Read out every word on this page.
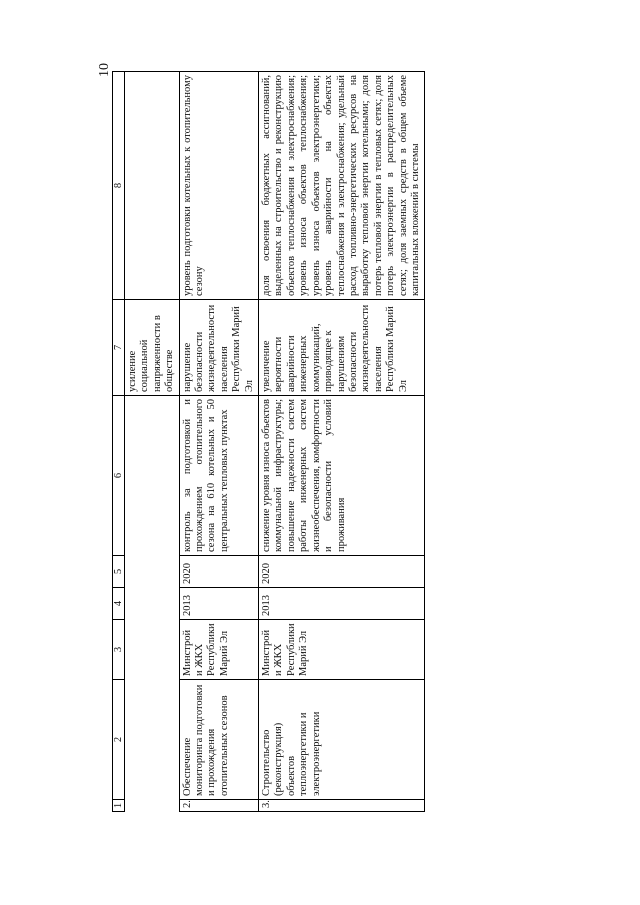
10
1	2	3	4	5	6	7	8
						усиление социальной напряженности в обществе	
2.	Обеспечение мониторинга подготовки и прохождения отопительных сезонов	Минстрой и ЖКХ Республики Марий Эл	2013	2020	контроль за подготовкой и прохождением отопительного сезона на 610 котельных и 50 центральных тепловых пунктах	нарушение безопасности жизнедеятельности населения Республики Марий Эл	уровень подготовки котельных к отопительному сезону
3.	Строительство (реконструкция) объектов теплоэнергетики и электроэнергетики	Минстрой и ЖКХ Республики Марий Эл	2013	2020	снижение уровня износа объектов коммунальной инфраструктуры; повышение надежности систем работы инженерных систем жизнеобеспечения, комфортности и безопасности условий проживания	увеличение вероятности аварийности инженерных коммуникаций, приводящее к нарушениям безопасности жизнедеятельности населения Республики Марий Эл	доля освоения бюджетных ассигнований, выделенных на строительство и реконструкцию объектов теплоснабжения и электроснабжения; уровень износа объектов теплоснабжения; уровень износа объектов электроэнергетики; уровень аварийности на объектах теплоснабжения и электроснабжения; удельный расход топливно-энергетических ресурсов на выработку тепловой энергии котельными; доля потерь тепловой энергии в тепловых сетях; доля потерь электроэнергии в распределительных сетях; доля заемных средств в общем объеме капитальных вложений в системы
